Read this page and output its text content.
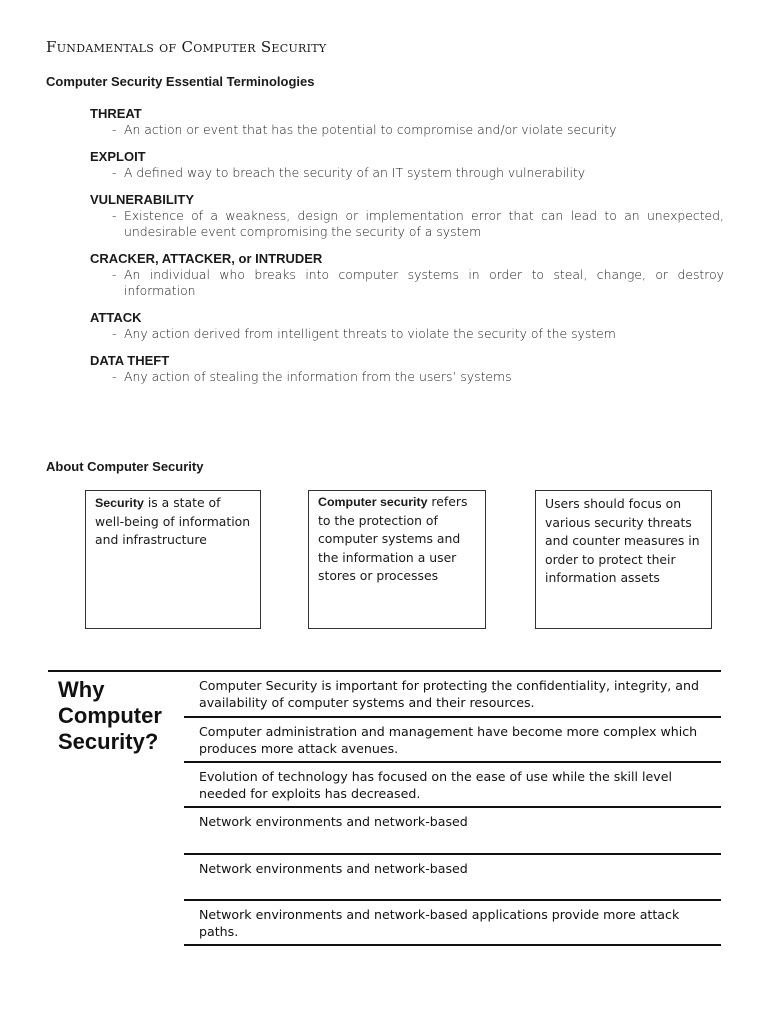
Fundamentals of Computer Security
Computer Security Essential Terminologies
THREAT
- An action or event that has the potential to compromise and/or violate security
EXPLOIT
- A defined way to breach the security of an IT system through vulnerability
VULNERABILITY
- Existence of a weakness, design or implementation error that can lead to an unexpected, undesirable event compromising the security of a system
CRACKER, ATTACKER, or INTRUDER
- An individual who breaks into computer systems in order to steal, change, or destroy information
ATTACK
- Any action derived from intelligent threats to violate the security of the system
DATA THEFT
- Any action of stealing the information from the users’ systems
About Computer Security
Security is a state of well-being of information and infrastructure
Computer security refers to the protection of computer systems and the information a user stores or processes
Users should focus on various security threats and counter measures in order to protect their information assets
Why Computer Security?
Computer Security is important for protecting the confidentiality, integrity, and availability of computer systems and their resources.
Computer administration and management have become more complex which produces more attack avenues.
Evolution of technology has focused on the ease of use while the skill level needed for exploits has decreased.
Network environments and network-based
Network environments and network-based
Network environments and network-based applications provide more attack paths.
